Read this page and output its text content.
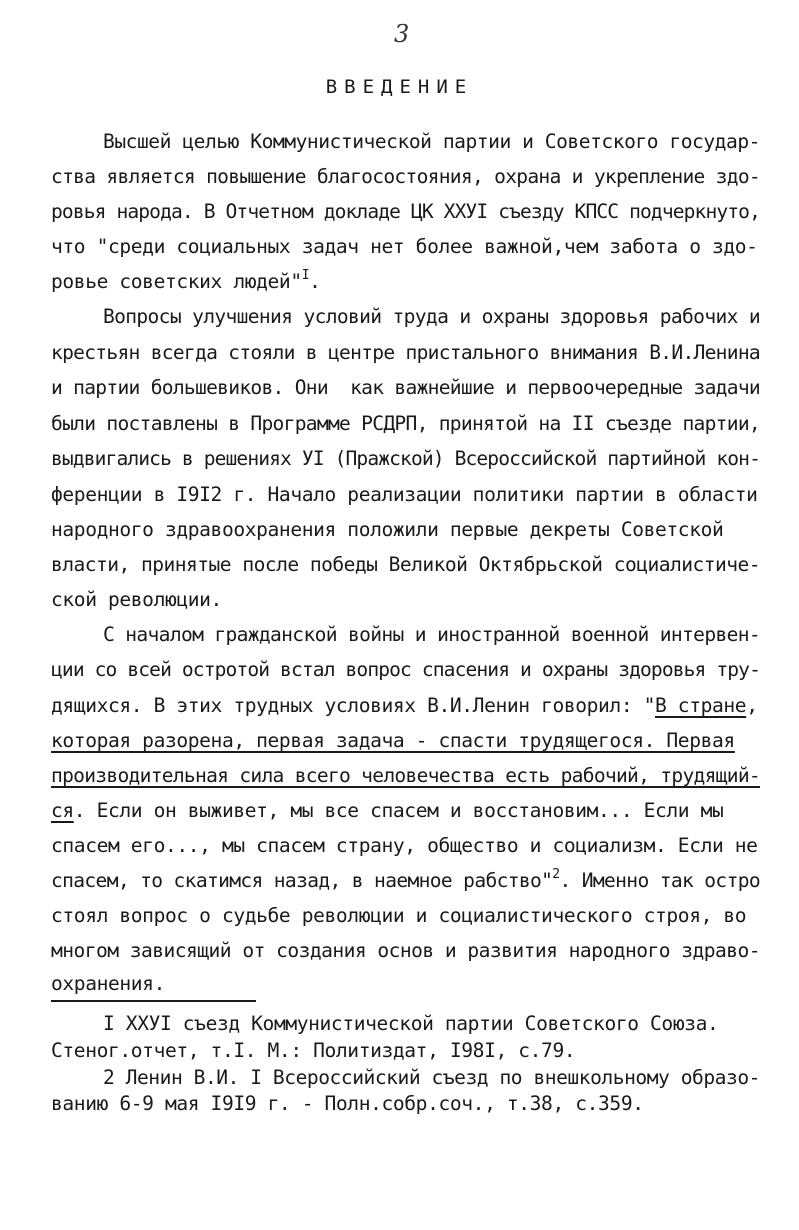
3
ВВЕДЕНИЕ
Высшей целью Коммунистической партии и Советского государ-
ства является повышение благосостояния, охрана и укрепление здо-
ровья народа. В Отчетном докладе ЦК ХХУI съезду КПСС подчеркнуто,
что "среди социальных задач нет более важной,чем забота о здо-
ровье советских людей"$^I$.
Вопросы улучшения условий труда и охраны здоровья рабочих и
крестьян всегда стояли в центре пристального внимания В.И.Ленина
и партии большевиков. Они  как важнейшие и первоочередные задачи
были поставлены в Программе РСДРП, принятой на II съезде партии,
выдвигались в решениях УI (Пражской) Всероссийской партийной кон-
ференции в I9I2 г. Начало реализации политики партии в области
народного здравоохранения положили первые декреты Советской
власти, принятые после победы Великой Октябрьской социалистиче-
ской революции.
С началом гражданской войны и иностранной военной интервен-
ции со всей остротой встал вопрос спасения и охраны здоровья тру-
дящихся. В этих трудных условиях В.И.Ленин говорил: "В стране,
которая разорена, первая задача - спасти трудящегося. Первая
производительная сила всего человечества есть рабочий, трудящий-
ся. Если он выживет, мы все спасем и восстановим... Если мы
спасем его..., мы спасем страну, общество и социализм. Если не
спасем, то скатимся назад, в наемное рабство"$^2$. Именно так остро
стоял вопрос о судьбе революции и социалистического строя, во
многом зависящий от создания основ и развития народного здраво-
охранения.
I ХХУI съезд Коммунистической партии Советского Союза.
Стеног.отчет, т.I. М.: Политиздат, I98I, с.79.
2 Ленин В.И. I Всероссийский съезд по внешкольному образо-
ванию 6-9 мая I9I9 г. - Полн.собр.соч., т.38, с.359.
